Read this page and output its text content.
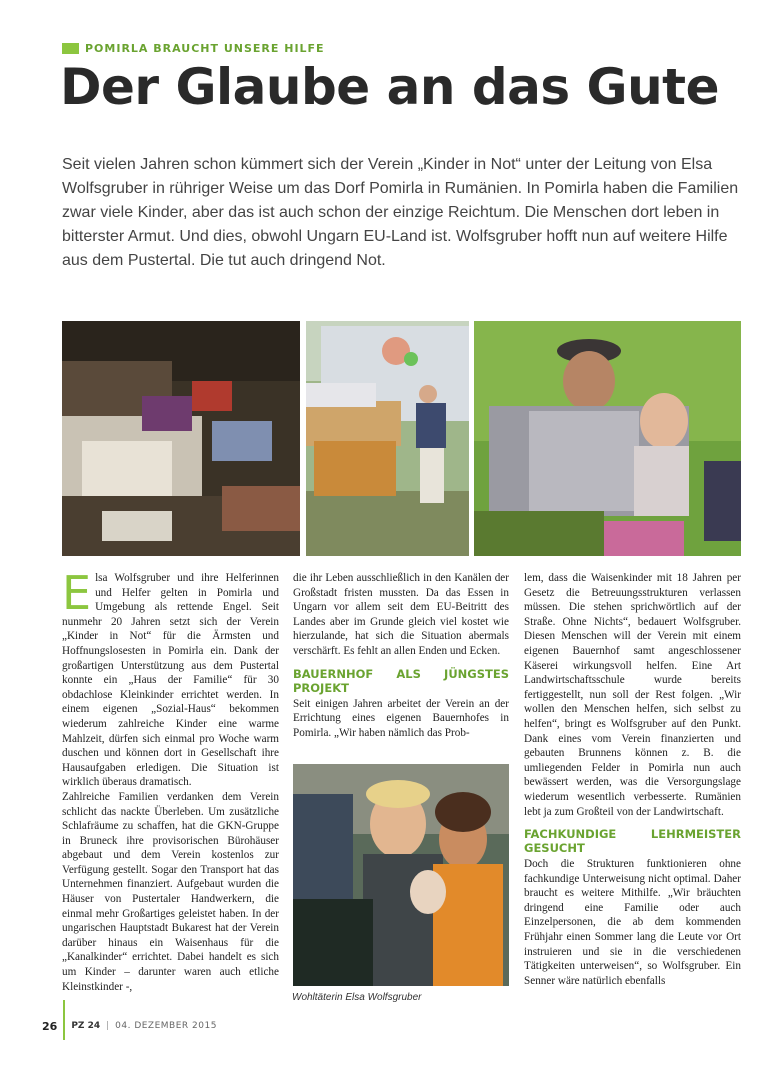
POMIRLA BRAUCHT UNSERE HILFE
Der Glaube an das Gute

Seit vielen Jahren schon kümmert sich der Verein „Kinder in Not“ unter der Leitung von Elsa Wolfsgruber in rühriger Weise um das Dorf Pomirla in Rumänien. In Pomirla haben die Familien zwar viele Kinder, aber das ist auch schon der einzige Reichtum. Die Menschen dort leben in bitterster Armut. Und dies, obwohl Ungarn EU-Land ist. Wolfsgruber hofft nun auf weitere Hilfe aus dem Pustertal. Die tut auch dringend Not.

Elsa Wolfsgruber und ihre Helferinnen und Helfer gelten in Pomirla und Umgebung als rettende Engel. Seit nunmehr 20 Jahren setzt sich der Verein „Kinder in Not“ für die Ärmsten und Hoffnungslosesten in Pomirla ein. Dank der großartigen Unterstützung aus dem Pustertal konnte ein „Haus der Familie“ für 30 obdachlose Kleinkinder errichtet werden. In einem eigenen „Sozial-Haus“ bekommen wiederum zahlreiche Kinder eine warme Mahlzeit, dürfen sich einmal pro Woche warm duschen und können dort in Gesellschaft ihre Hausaufgaben erledigen. Die Situation ist wirklich überaus dramatisch.

Zahlreiche Familien verdanken dem Verein schlicht das nackte Überleben. Um zusätzliche Schlafräume zu schaffen, hat die GKN-Gruppe in Bruneck ihre provisorischen Bürohäuser abgebaut und dem Verein kostenlos zur Verfügung gestellt. Sogar den Transport hat das Unternehmen finanziert. Aufgebaut wurden die Häuser von Pustertaler Handwerkern, die einmal mehr Großartiges geleistet haben. In der ungarischen Hauptstadt Bukarest hat der Verein darüber hinaus ein Waisenhaus für die „Kanalkinder“ errichtet. Dabei handelt es sich um Kinder – darunter waren auch etliche Kleinstkinder -,

die ihr Leben ausschließlich in den Kanälen der Großstadt fristen mussten. Da das Essen in Ungarn vor allem seit dem EU-Beitritt des Landes aber im Grunde gleich viel kostet wie hierzulande, hat sich die Situation abermals verschärft. Es fehlt an allen Enden und Ecken.

BAUERNHOF ALS JÜNGSTES PROJEKT

Seit einigen Jahren arbeitet der Verein an der Errichtung eines eigenen Bauernhofes in Pomirla. „Wir haben nämlich das Prob-

Wohltäterin Elsa Wolfsgruber

lem, dass die Waisenkinder mit 18 Jahren per Gesetz die Betreuungsstrukturen verlassen müssen. Die stehen sprichwörtlich auf der Straße. Ohne Nichts“, bedauert Wolfsgruber. Diesen Menschen will der Verein mit einem eigenen Bauernhof samt angeschlossener Käserei wirkungsvoll helfen. Eine Art Landwirtschaftsschule wurde bereits fertiggestellt, nun soll der Rest folgen. „Wir wollen den Menschen helfen, sich selbst zu helfen“, bringt es Wolfsgruber auf den Punkt. Dank eines vom Verein finanzierten und gebauten Brunnens können z. B. die umliegenden Felder in Pomirla nun auch bewässert werden, was die Versorgungslage wiederum wesentlich verbesserte. Rumänien lebt ja zum Großteil von der Landwirtschaft.

FACHKUNDIGE LEHRMEISTER GESUCHT

Doch die Strukturen funktionieren ohne fachkundige Unterweisung nicht optimal. Daher braucht es weitere Mithilfe. „Wir bräuchten dringend eine Familie oder auch Einzelpersonen, die ab dem kommenden Frühjahr einen Sommer lang die Leute vor Ort instruieren und sie in die verschiedenen Tätigkeiten unterweisen“, so Wolfsgruber. Ein Senner wäre natürlich ebenfalls

26 PZ 24 | 04. DEZEMBER 2015
